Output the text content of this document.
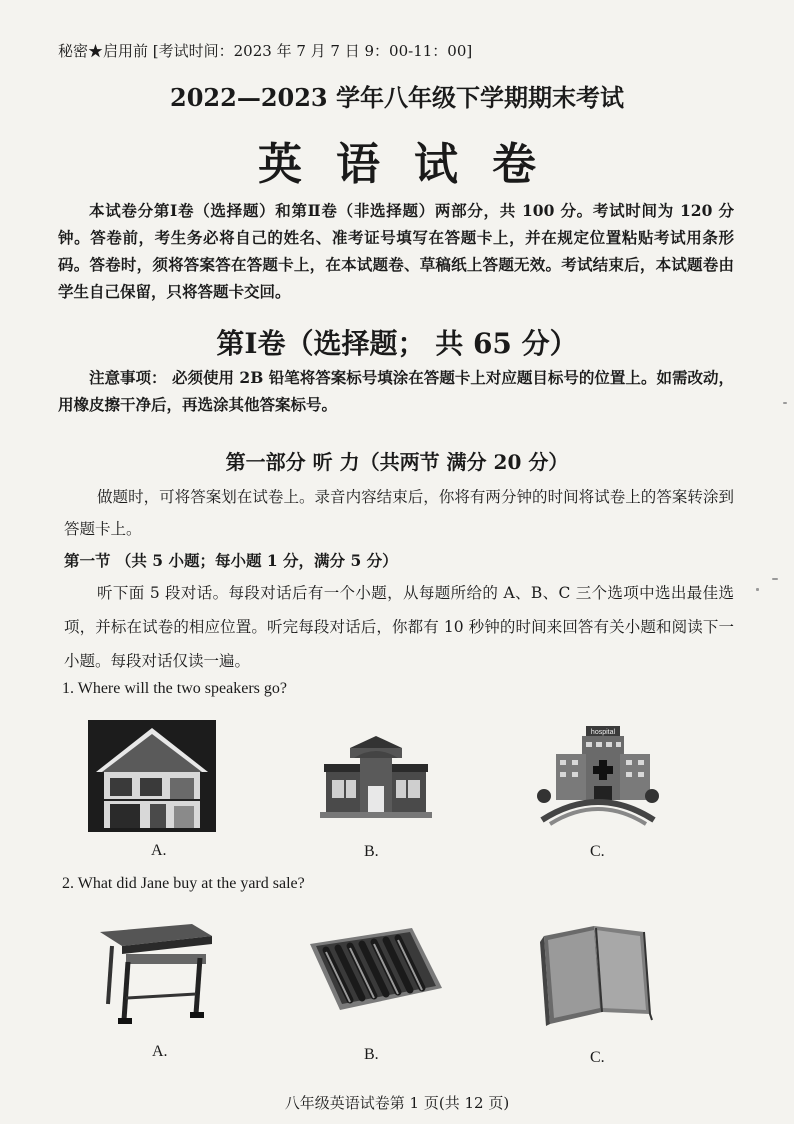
秘密★启用前 [考试时间：2023 年 7 月 7 日 9：00-11：00]
2022—2023 学年八年级下学期期末考试
英语试卷
本试卷分第Ⅰ卷（选择题）和第Ⅱ卷（非选择题）两部分，共 100 分。考试时间为 120 分钟。答卷前，考生务必将自己的姓名、准考证号填写在答题卡上，并在规定位置粘贴考试用条形码。答卷时，须将答案答在答题卡上，在本试题卷、草稿纸上答题无效。考试结束后，本试题卷由学生自己保留，只将答题卡交回。
第Ⅰ卷（选择题； 共 65 分）
注意事项： 必须使用 2B 铅笔将答案标号填涂在答题卡上对应题目标号的位置上。如需改动，用橡皮擦干净后，再选涂其他答案标号。
第一部分 听 力（共两节 满分 20 分）
做题时，可将答案划在试卷上。录音内容结束后，你将有两分钟的时间将试卷上的答案转涂到答题卡上。
第一节 （共 5 小题；每小题 1 分，满分 5 分）
听下面 5 段对话。每段对话后有一个小题，从每题所给的 A、B、C 三个选项中选出最佳选项，并标在试卷的相应位置。听完每段对话后，你都有 10 秒钟的时间来回答有关小题和阅读下一小题。每段对话仅读一遍。
1. Where will the two speakers go?
A.	B.
hospital
C.
2. What did Jane buy at the yard sale?
A.	B.	C.
八年级英语试卷第 1 页(共 12 页)
